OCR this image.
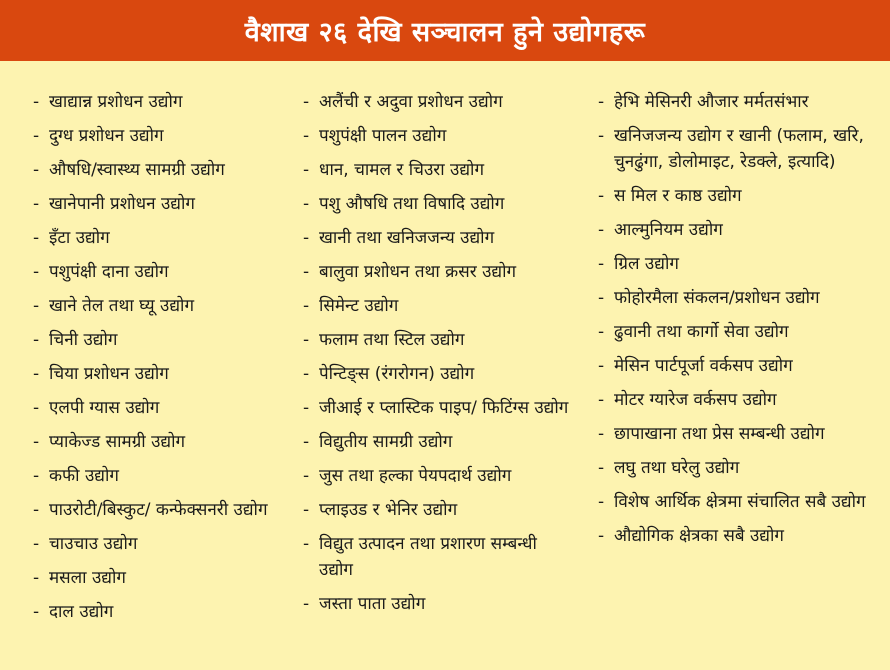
वैशाख २६ देखि सञ्चालन हुने उद्योगहरू
- खाद्यान्न प्रशोधन उद्योग
- दुग्ध प्रशोधन उद्योग
- औषधि/स्वास्थ्य सामग्री उद्योग
- खानेपानी प्रशोधन उद्योग
- इँटा उद्योग
- पशुपंक्षी दाना उद्योग
- खाने तेल तथा घ्यू उद्योग
- चिनी उद्योग
- चिया प्रशोधन उद्योग
- एलपी ग्यास उद्योग
- प्याकेज्ड सामग्री उद्योग
- कफी उद्योग
- पाउरोटी/बिस्कुट/ कन्फेक्सनरी उद्योग
- चाउचाउ उद्योग
- मसला उद्योग
- दाल उद्योग
- अलैंची र अदुवा प्रशोधन उद्योग
- पशुपंक्षी पालन उद्योग
- धान, चामल र चिउरा उद्योग
- पशु औषधि तथा विषादि उद्योग
- खानी तथा खनिजजन्य उद्योग
- बालुवा प्रशोधन तथा क्रसर उद्योग
- सिमेन्ट उद्योग
- फलाम तथा स्टिल उद्योग
- पेन्टिङ्स (रंगरोगन) उद्योग
- जीआई र प्लास्टिक पाइप/ फिटिंग्स उद्योग
- विद्युतीय सामग्री उद्योग
- जुस तथा हल्का पेयपदार्थ उद्योग
- प्लाइउड र भेनिर उद्योग
- विद्युत उत्पादन तथा प्रशारण सम्बन्धी उद्योग
- जस्ता पाता उद्योग
- हेभि मेसिनरी औजार मर्मतसंभार
- खनिजजन्य उद्योग र खानी (फलाम, खरि, चुनढुंगा, डोलोमाइट, रेडक्ले, इत्यादि)
- स मिल र काष्ठ उद्योग
- आल्मुनियम उद्योग
- ग्रिल उद्योग
- फोहोरमैला संकलन/प्रशोधन उद्योग
- ढुवानी तथा कार्गो सेवा उद्योग
- मेसिन पार्टपूर्जा वर्कसप उद्योग
- मोटर ग्यारेज वर्कसप उद्योग
- छापाखाना तथा प्रेस सम्बन्धी उद्योग
- लघु तथा घरेलु उद्योग
- विशेष आर्थिक क्षेत्रमा संचालित सबै उद्योग
- औद्योगिक क्षेत्रका सबै उद्योग
